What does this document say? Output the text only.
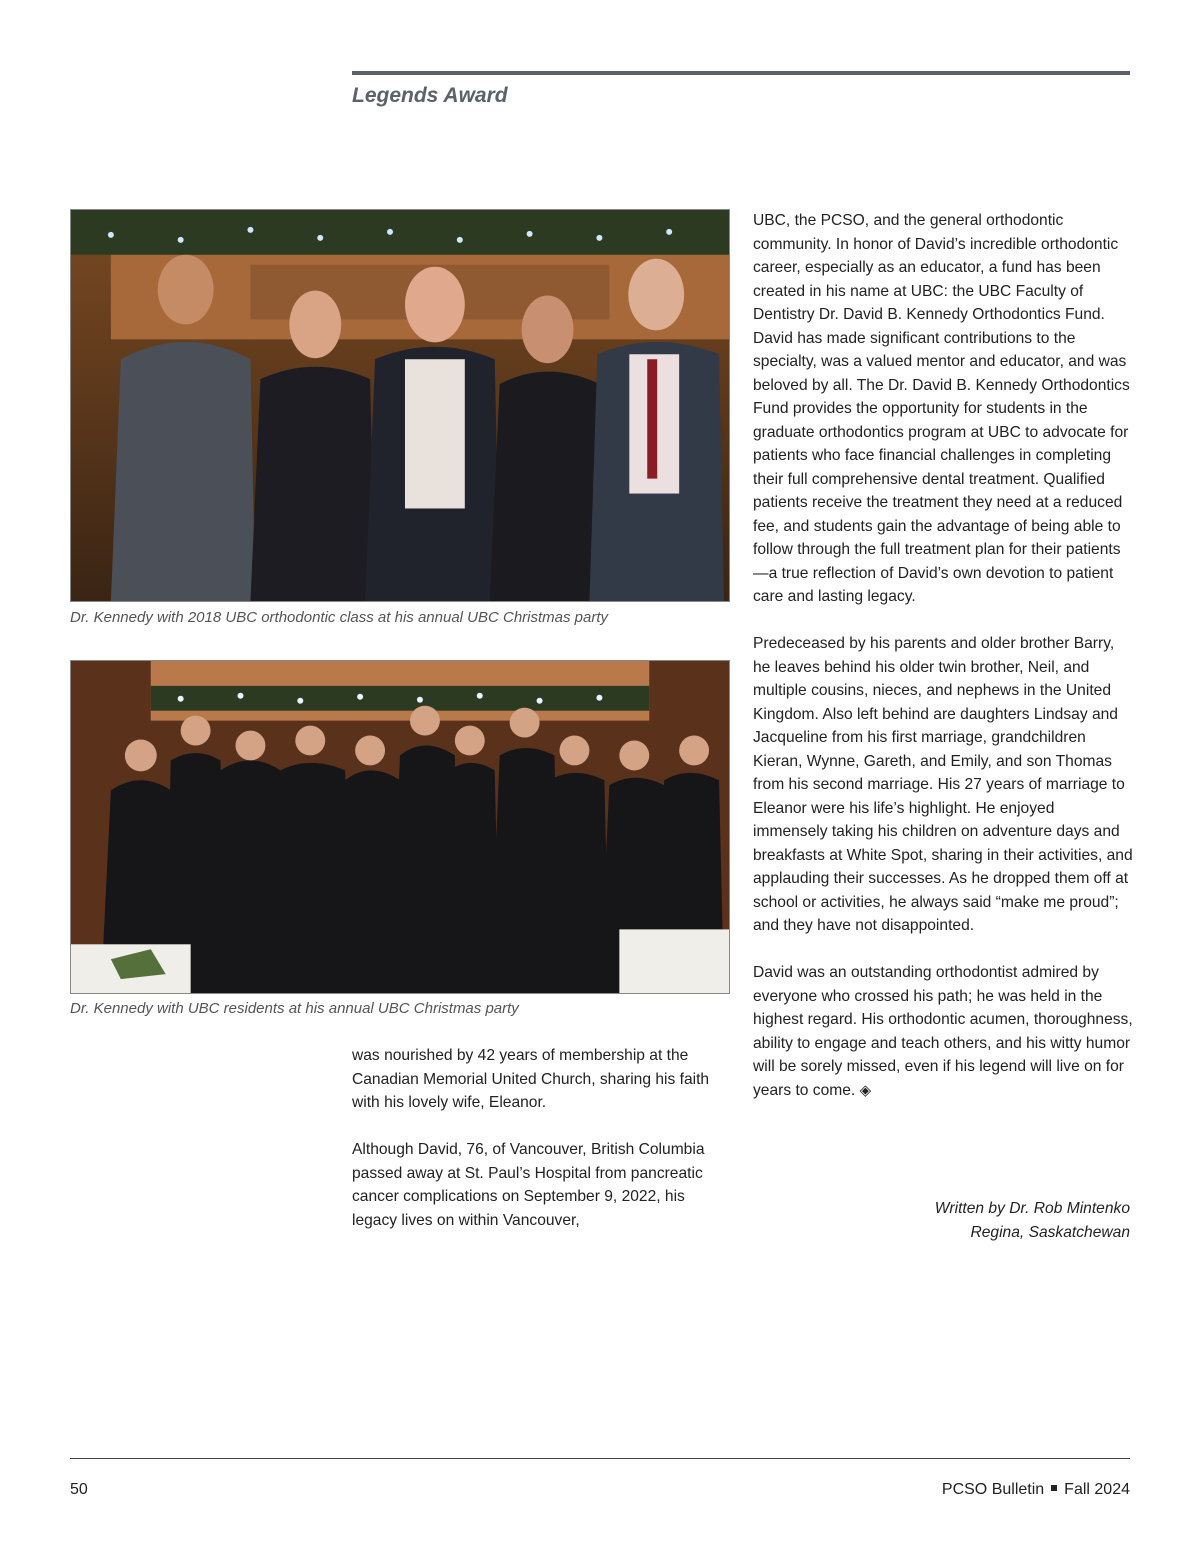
Legends Award
Dr. Kennedy with 2018 UBC orthodontic class at his annual UBC Christmas party
Dr. Kennedy with UBC residents at his annual UBC Christmas party

was nourished by 42 years of membership at the Canadian Memorial United Church, sharing his faith with his lovely wife, Eleanor.

Although David, 76, of Vancouver, British Columbia passed away at St. Paul’s Hospital from pancreatic cancer complications on September 9, 2022, his legacy lives on within Vancouver,

UBC, the PCSO, and the general orthodontic community. In honor of David’s incredible orthodontic career, especially as an educator, a fund has been created in his name at UBC: the UBC Faculty of Dentistry Dr. David B. Kennedy Orthodontics Fund. David has made significant contributions to the specialty, was a valued mentor and educator, and was beloved by all. The Dr. David B. Kennedy Orthodontics Fund provides the opportunity for students in the graduate orthodontics program at UBC to advocate for patients who face financial challenges in completing their full comprehensive dental treatment. Qualified patients receive the treatment they need at a reduced fee, and students gain the advantage of being able to follow through the full treatment plan for their patients—a true reflection of David’s own devotion to patient care and lasting legacy.

Predeceased by his parents and older brother Barry, he leaves behind his older twin brother, Neil, and multiple cousins, nieces, and nephews in the United Kingdom. Also left behind are daughters Lindsay and Jacqueline from his first marriage, grandchildren Kieran, Wynne, Gareth, and Emily, and son Thomas from his second marriage. His 27 years of marriage to Eleanor were his life’s highlight. He enjoyed immensely taking his children on adventure days and breakfasts at White Spot, sharing in their activities, and applauding their successes. As he dropped them off at school or activities, he always said “make me proud”; and they have not disappointed.

David was an outstanding orthodontist admired by everyone who crossed his path; he was held in the highest regard. His orthodontic acumen, thoroughness, ability to engage and teach others, and his witty humor will be sorely missed, even if his legend will live on for years to come. ◈

Written by Dr. Rob Mintenko
Regina, Saskatchewan
50	PCSO Bulletin Fall 2024
